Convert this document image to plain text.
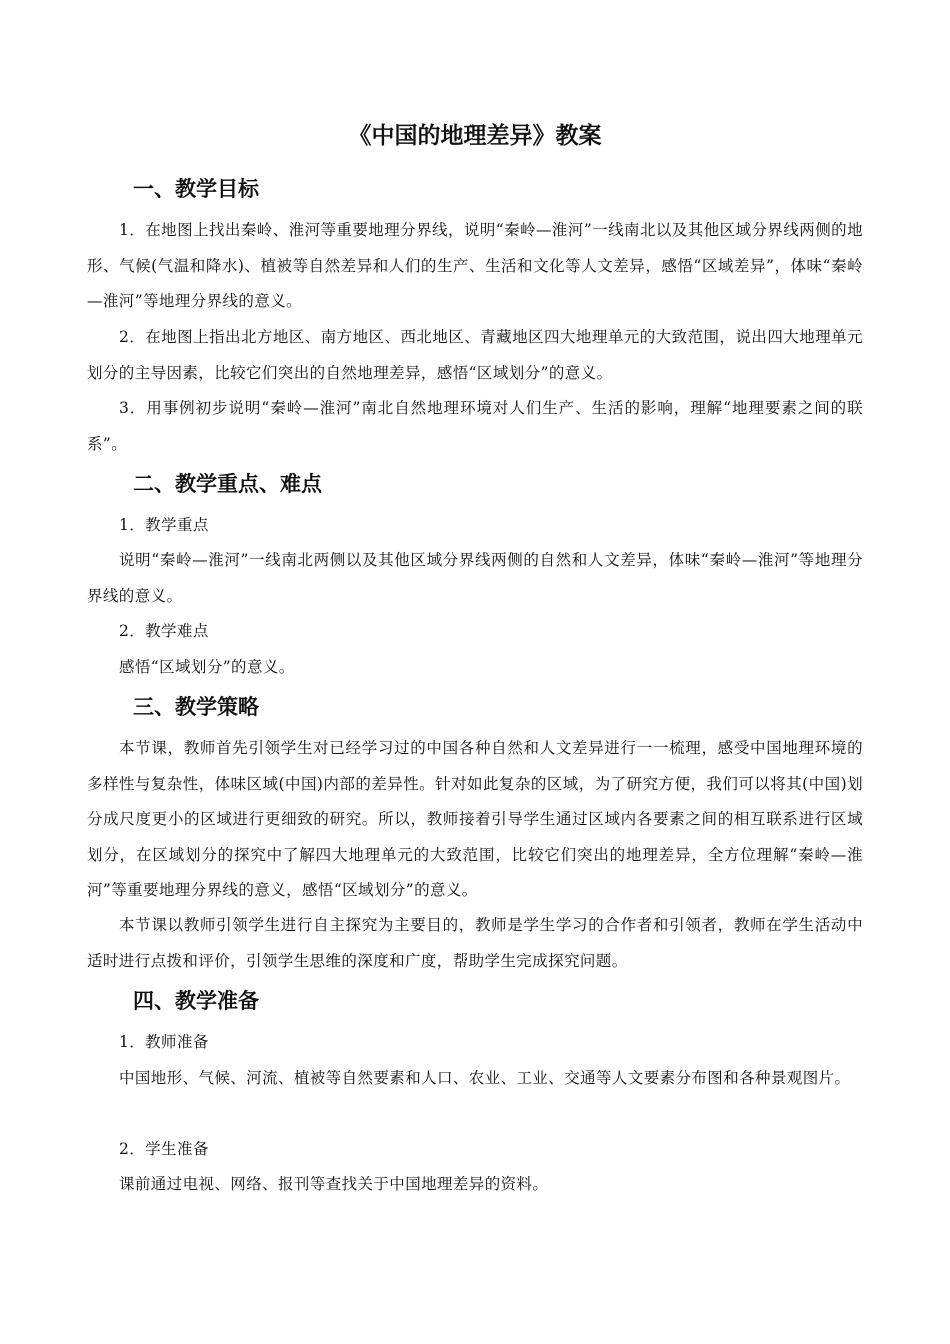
《中国的地理差异》教案
一、教学目标

1．在地图上找出秦岭、淮河等重要地理分界线，说明“秦岭—淮河”一线南北以及其他区域分界线两侧的地形、气候(气温和降水)、植被等自然差异和人们的生产、生活和文化等人文差异，感悟“区域差异”，体味“秦岭—淮河”等地理分界线的意义。

2．在地图上指出北方地区、南方地区、西北地区、青藏地区四大地理单元的大致范围，说出四大地理单元划分的主导因素，比较它们突出的自然地理差异，感悟“区域划分”的意义。

3．用事例初步说明“秦岭—淮河”南北自然地理环境对人们生产、生活的影响，理解“地理要素之间的联系”。

二、教学重点、难点

1．教学重点

说明“秦岭—淮河”一线南北两侧以及其他区域分界线两侧的自然和人文差异，体味“秦岭—淮河”等地理分界线的意义。

2．教学难点

感悟“区域划分”的意义。

三、教学策略

本节课，教师首先引领学生对已经学习过的中国各种自然和人文差异进行一一梳理，感受中国地理环境的多样性与复杂性，体味区域(中国)内部的差异性。针对如此复杂的区域，为了研究方便，我们可以将其(中国)划分成尺度更小的区域进行更细致的研究。所以，教师接着引导学生通过区域内各要素之间的相互联系进行区域划分，在区域划分的探究中了解四大地理单元的大致范围，比较它们突出的地理差异，全方位理解“秦岭—淮河”等重要地理分界线的意义，感悟“区域划分”的意义。

本节课以教师引领学生进行自主探究为主要目的，教师是学生学习的合作者和引领者，教师在学生活动中适时进行点拨和评价，引领学生思维的深度和广度，帮助学生完成探究问题。

四、教学准备

1．教师准备

中国地形、气候、河流、植被等自然要素和人口、农业、工业、交通等人文要素分布图和各种景观图片。

2．学生准备

课前通过电视、网络、报刊等查找关于中国地理差异的资料。
